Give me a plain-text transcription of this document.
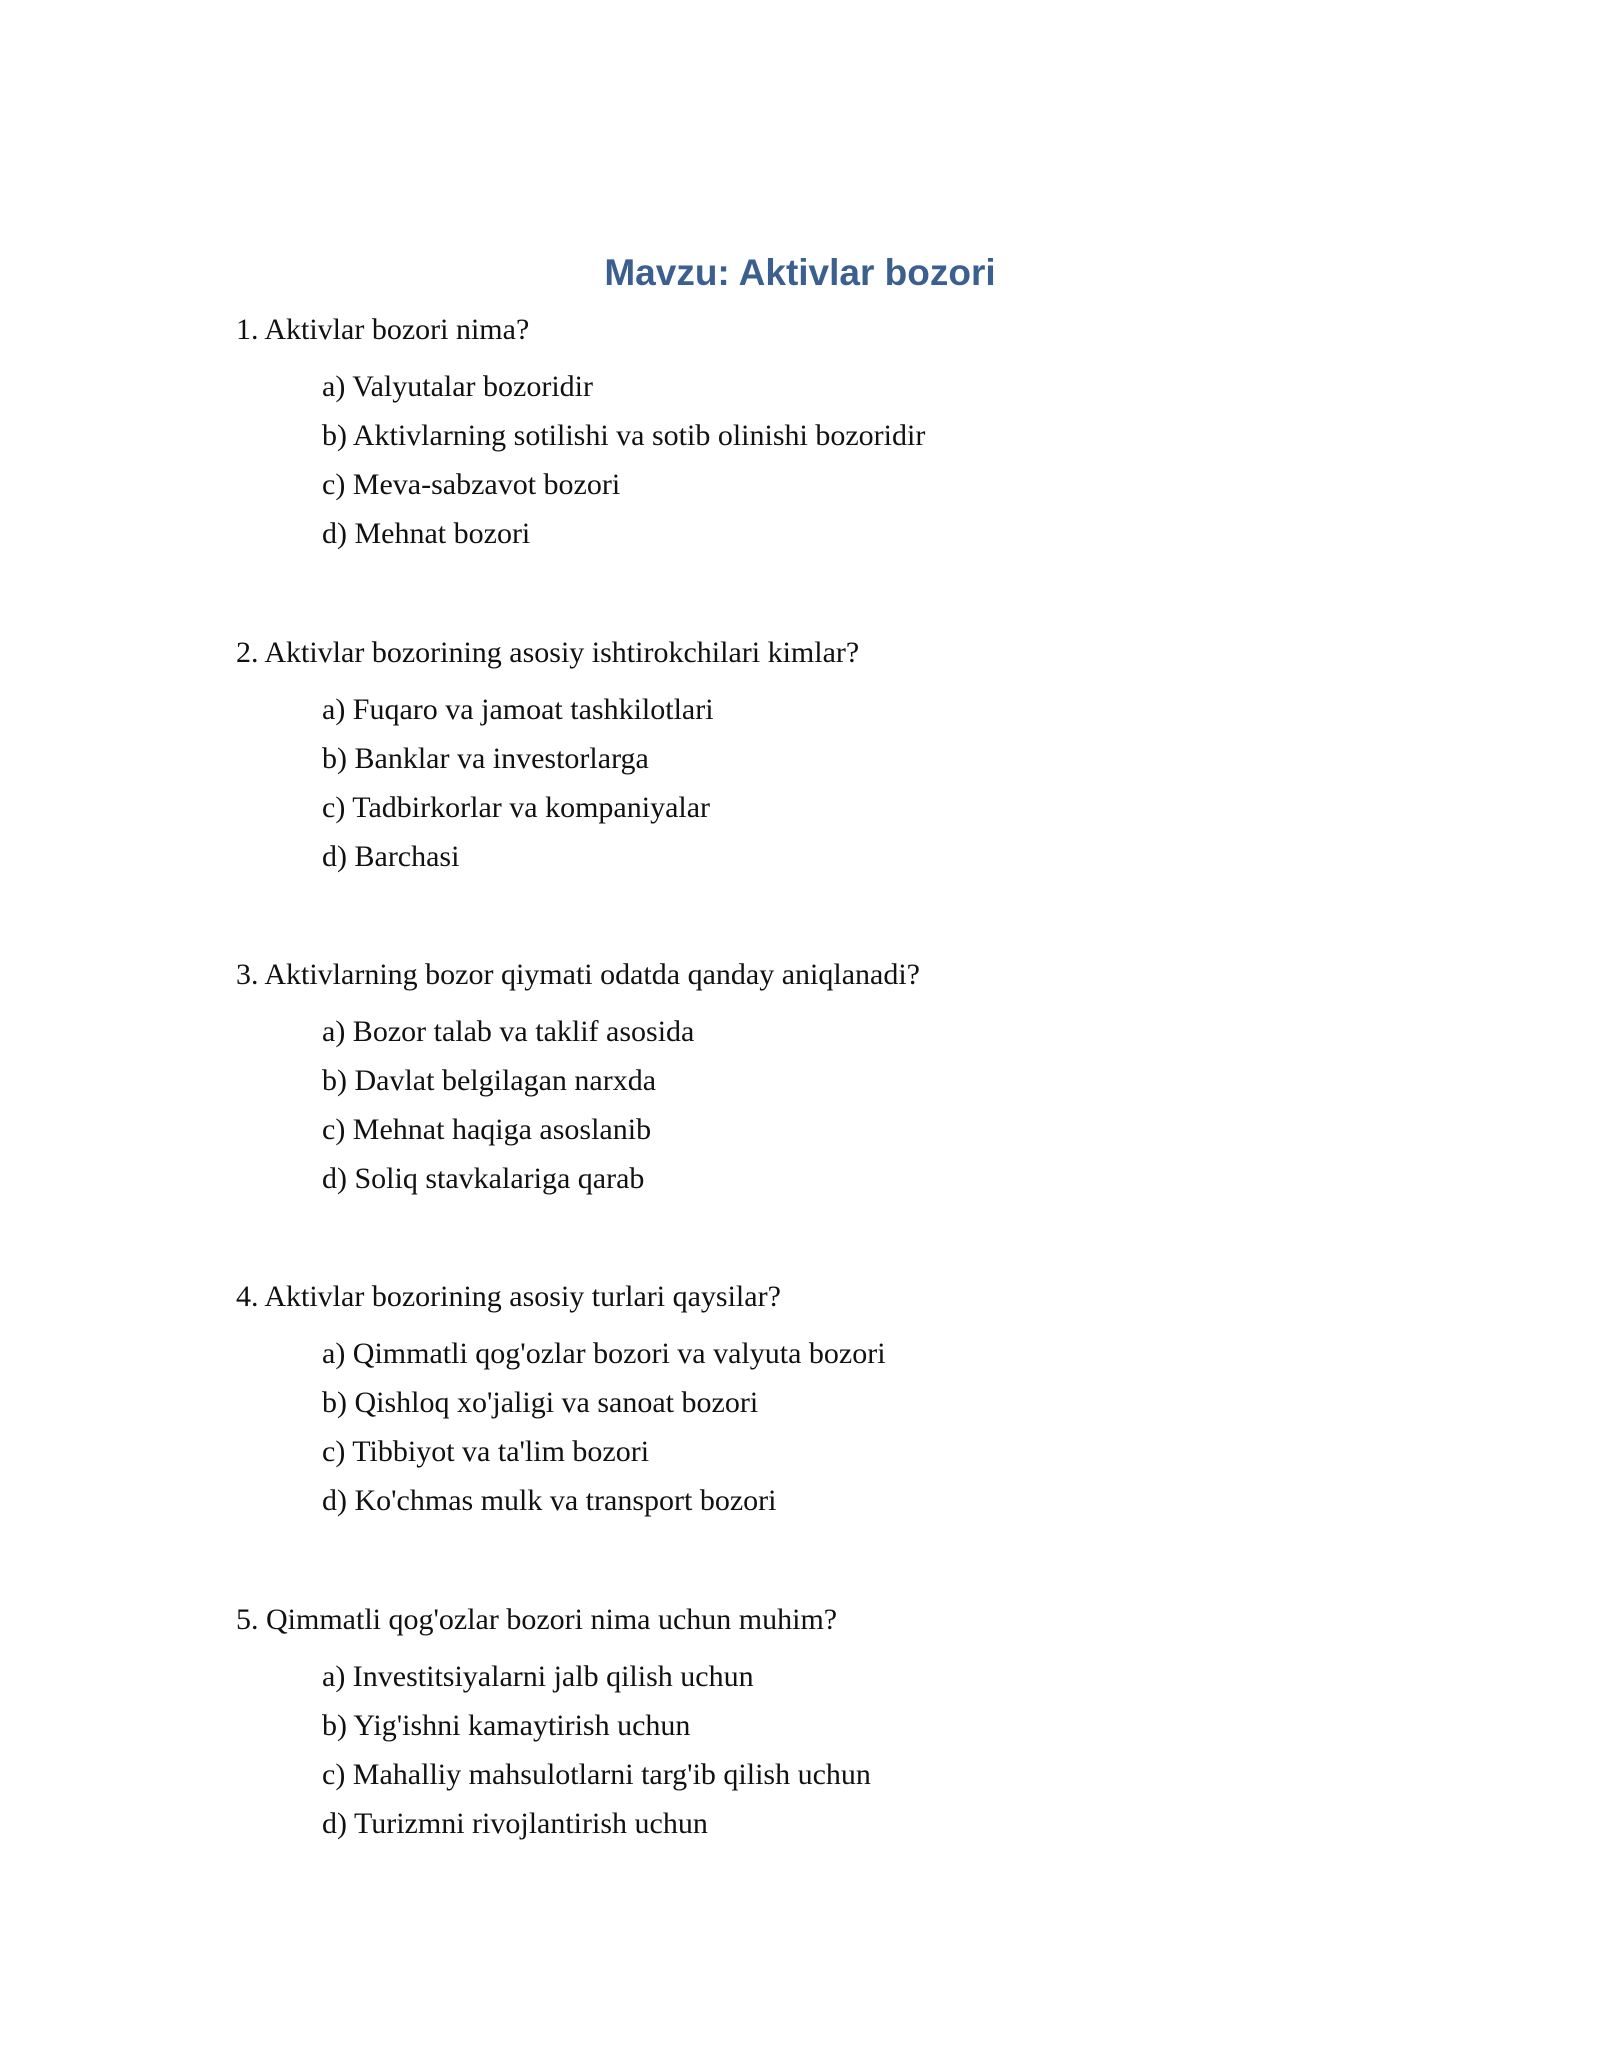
Mavzu: Aktivlar bozori

1. Aktivlar bozori nima?

a) Valyutalar bozoridir
b) Aktivlarning sotilishi va sotib olinishi bozoridir
c) Meva-sabzavot bozori
d) Mehnat bozori

2. Aktivlar bozorining asosiy ishtirokchilari kimlar?

a) Fuqaro va jamoat tashkilotlari
b) Banklar va investorlarga
c) Tadbirkorlar va kompaniyalar
d) Barchasi

3. Aktivlarning bozor qiymati odatda qanday aniqlanadi?

a) Bozor talab va taklif asosida
b) Davlat belgilagan narxda
c) Mehnat haqiga asoslanib
d) Soliq stavkalariga qarab

4. Aktivlar bozorining asosiy turlari qaysilar?

a) Qimmatli qog'ozlar bozori va valyuta bozori
b) Qishloq xo'jaligi va sanoat bozori
c) Tibbiyot va ta'lim bozori
d) Ko'chmas mulk va transport bozori

5. Qimmatli qog'ozlar bozori nima uchun muhim?

a) Investitsiyalarni jalb qilish uchun
b) Yig'ishni kamaytirish uchun
c) Mahalliy mahsulotlarni targ'ib qilish uchun
d) Turizmni rivojlantirish uchun
